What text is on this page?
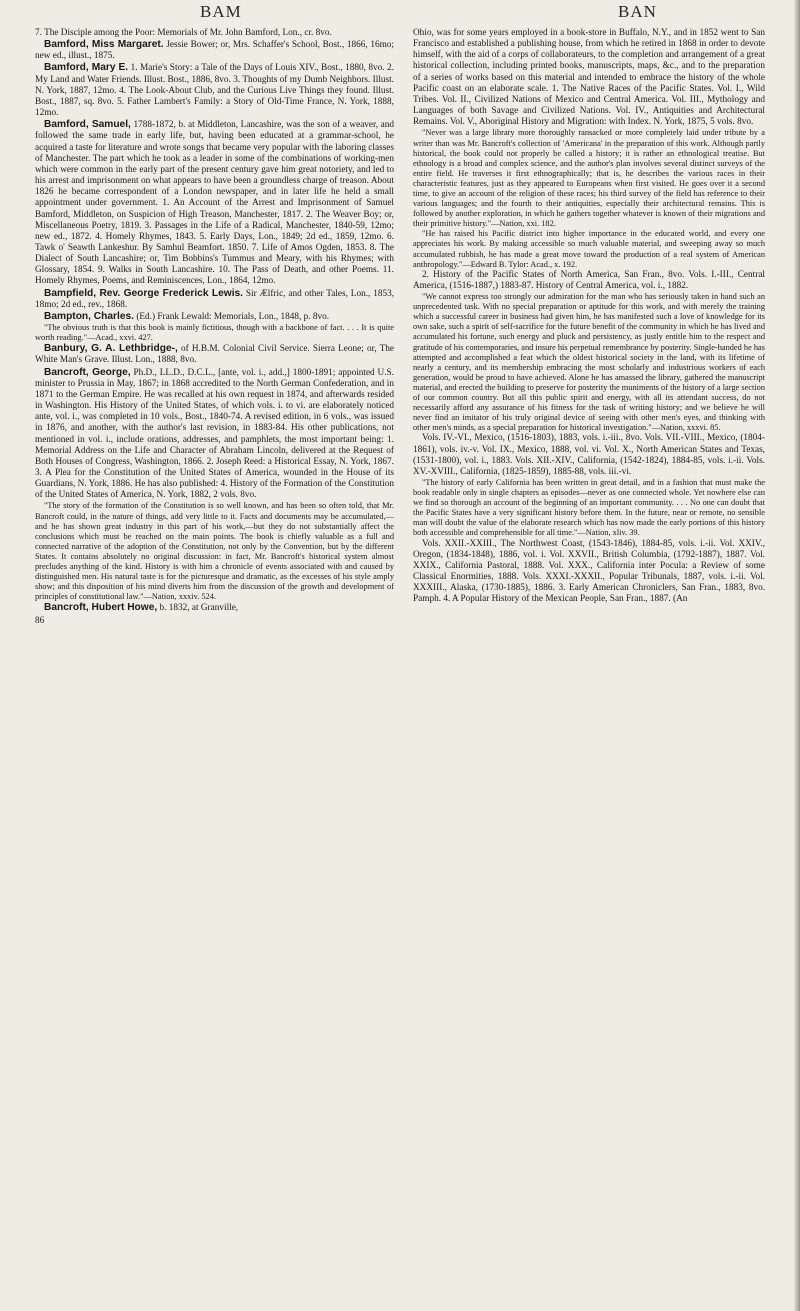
BAM	BAN

7. The Disciple among the Poor: Memorials of Mr. John Bamford, Lon., cr. 8vo.

Bamford, Miss Margaret. Jessie Bower; or, Mrs. Schaffer's School, Bost., 1866, 16mo; new ed., illust., 1875.

Bamford, Mary E. 1. Marie's Story: a Tale of the Days of Louis XIV., Bost., 1880, 8vo. 2. My Land and Water Friends. Illust. Bost., 1886, 8vo. 3. Thoughts of my Dumb Neighbors. Illust. N. York, 1887, 12mo. 4. The Look-About Club, and the Curious Live Things they found. Illust. Bost., 1887, sq. 8vo. 5. Father Lambert's Family: a Story of Old-Time France, N. York, 1888, 12mo.

Bamford, Samuel, 1788-1872, b. at Middleton, Lancashire, was the son of a weaver, and followed the same trade in early life, but, having been educated at a grammar-school, he acquired a taste for literature and wrote songs that became very popular with the laboring classes of Manchester. The part which he took as a leader in some of the combinations of working-men which were common in the early part of the present century gave him great notoriety, and led to his arrest and imprisonment on what appears to have been a groundless charge of treason. About 1826 he became correspondent of a London newspaper, and in later life he held a small appointment under government. 1. An Account of the Arrest and Imprisonment of Samuel Bamford, Middleton, on Suspicion of High Treason, Manchester, 1817. 2. The Weaver Boy; or, Miscellaneous Poetry, 1819. 3. Passages in the Life of a Radical, Manchester, 1840-59, 12mo; new ed., 1872. 4. Homely Rhymes, 1843. 5. Early Days, Lon., 1849; 2d ed., 1859, 12mo. 6. Tawk o' Seawth Lankeshur. By Samhul Beamfort. 1850. 7. Life of Amos Ogden, 1853. 8. The Dialect of South Lancashire; or, Tim Bobbins's Tummus and Meary, with his Rhymes; with Glossary, 1854. 9. Walks in South Lancashire. 10. The Pass of Death, and other Poems. 11. Homely Rhymes, Poems, and Reminiscences, Lon., 1864, 12mo.

Bampfield, Rev. George Frederick Lewis. Sir Ælfric, and other Tales, Lon., 1853, 18mo; 2d ed., rev., 1868.

Bampton, Charles. (Ed.) Frank Lewald: Memorials, Lon., 1848, p. 8vo.

"The obvious truth is that this book is mainly fictitious, though with a backbone of fact. . . . It is quite worth reading."—Acad., xxvi. 427.

Banbury, G. A. Lethbridge-, of H.B.M. Colonial Civil Service. Sierra Leone; or, The White Man's Grave. Illust. Lon., 1888, 8vo.

Bancroft, George, Ph.D., LL.D., D.C.L., [ante, vol. i., add.,] 1800-1891; appointed U.S. minister to Prussia in May, 1867; in 1868 accredited to the North German Confederation, and in 1871 to the German Empire. He was recalled at his own request in 1874, and afterwards resided in Washington. His History of the United States, of which vols. i. to vi. are elaborately noticed ante, vol. i., was completed in 10 vols., Bost., 1840-74. A revised edition, in 6 vols., was issued in 1876, and another, with the author's last revision, in 1883-84. His other publications, not mentioned in vol. i., include orations, addresses, and pamphlets, the most important being: 1. Memorial Address on the Life and Character of Abraham Lincoln, delivered at the Request of Both Houses of Congress, Washington, 1866. 2. Joseph Reed: a Historical Essay, N. York, 1867. 3. A Plea for the Constitution of the United States of America, wounded in the House of its Guardians, N. York, 1886. He has also published: 4. History of the Formation of the Constitution of the United States of America, N. York, 1882, 2 vols. 8vo.

"The story of the formation of the Constitution is so well known, and has been so often told, that Mr. Bancroft could, in the nature of things, add very little to it. Facts and documents may be accumulated,—and he has shown great industry in this part of his work,—but they do not substantially affect the conclusions which must be reached on the main points. The book is chiefly valuable as a full and connected narrative of the adoption of the Constitution, not only by the Convention, but by the different States. It contains absolutely no original discussion: in fact, Mr. Bancroft's historical system almost precludes anything of the kind. History is with him a chronicle of events associated with and caused by distinguished men. His natural taste is for the picturesque and dramatic, as the excesses of his style amply show; and this disposition of his mind diverts him from the discussion of the growth and development of principles of constitutional law."—Nation, xxxiv. 524.

Bancroft, Hubert Howe, b. 1832, at Granville,

86

Ohio, was for some years employed in a book-store in Buffalo, N.Y., and in 1852 went to San Francisco and established a publishing house, from which he retired in 1868 in order to devote himself, with the aid of a corps of collaborateurs, to the completion and arrangement of a great historical collection, including printed books, manuscripts, maps, &c., and to the preparation of a series of works based on this material and intended to embrace the history of the whole Pacific coast on an elaborate scale. 1. The Native Races of the Pacific States. Vol. I., Wild Tribes. Vol. II., Civilized Nations of Mexico and Central America. Vol. III., Mythology and Languages of both Savage and Civilized Nations. Vol. IV., Antiquities and Architectural Remains. Vol. V., Aboriginal History and Migration: with Index. N. York, 1875, 5 vols. 8vo.

"Never was a large library more thoroughly ransacked or more completely laid under tribute by a writer than was Mr. Bancroft's collection of 'Americana' in the preparation of this work. Although partly historical, the book could not properly be called a history; it is rather an ethnological treatise. But ethnology is a broad and complex science, and the author's plan involves several distinct surveys of the entire field. He traverses it first ethnographically; that is, he describes the various races in their characteristic features, just as they appeared to Europeans when first visited. He goes over it a second time, to give an account of the religion of these races; his third survey of the field has reference to their various languages; and the fourth to their antiquities, especially their architectural remains. This is followed by another exploration, in which he gathers together whatever is known of their migrations and their primitive history."—Nation, xxi. 182.

"He has raised his Pacific district into higher importance in the educated world, and every one appreciates his work. By making accessible so much valuable material, and sweeping away so much accumulated rubbish, he has made a great move toward the production of a real system of American anthropology."—Edward B. Tylor: Acad., x. 192.

2. History of the Pacific States of North America, San Fran., 8vo. Vols. I.-III., Central America, (1516-1887,) 1883-87. History of Central America, vol. i., 1882.

"We cannot express too strongly our admiration for the man who has seriously taken in hand such an unprecedented task. With no special preparation or aptitude for this work, and with merely the training which a successful career in business had given him, he has manifested such a love of knowledge for its own sake, such a spirit of self-sacrifice for the future benefit of the community in which he has lived and accumulated his fortune, such energy and pluck and persistency, as justly entitle him to the respect and gratitude of his contemporaries, and insure his perpetual remembrance by posterity. Single-handed he has attempted and accomplished a feat which the oldest historical society in the land, with its lifetime of nearly a century, and its membership embracing the most scholarly and industrious workers of each generation, would be proud to have achieved. Alone he has amassed the library, gathered the manuscript material, and erected the building to preserve for posterity the muniments of the history of a large section of our common country. But all this public spirit and energy, with all its attendant success, do not necessarily afford any assurance of his fitness for the task of writing history; and we believe he will never find an imitator of his truly original device of seeing with other men's eyes, and thinking with other men's minds, as a special preparation for historical investigation."—Nation, xxxvi. 85.

Vols. IV.-VI., Mexico, (1516-1803), 1883, vols. i.-iii., 8vo. Vols. VII.-VIII., Mexico, (1804-1861), vols. iv.-v. Vol. IX., Mexico, 1888, vol. vi. Vol. X., North American States and Texas, (1531-1800), vol. i., 1883. Vols. XII.-XIV., California, (1542-1824), 1884-85, vols. i.-ii. Vols. XV.-XVIII., California, (1825-1859), 1885-88, vols. iii.-vi.

"The history of early California has been written in great detail, and in a fashion that must make the book readable only in single chapters as episodes—never as one connected whole. Yet nowhere else can we find so thorough an account of the beginning of an important community. . . . No one can doubt that the Pacific States have a very significant history before them. In the future, near or remote, no sensible man will doubt the value of the elaborate research which has now made the early portions of this history both accessible and comprehensible for all time."—Nation, xliv. 39.

Vols. XXII.-XXIII., The Northwest Coast, (1543-1846), 1884-85, vols. i.-ii. Vol. XXIV., Oregon, (1834-1848), 1886, vol. i. Vol. XXVII., British Columbia, (1792-1887), 1887. Vol. XXIX., California Pastoral, 1888. Vol. XXX., California inter Pocula: a Review of some Classical Enormities, 1888. Vols. XXXI.-XXXII., Popular Tribunals, 1887, vols. i.-ii. Vol. XXXIII., Alaska, (1730-1885), 1886. 3. Early American Chroniclers, San Fran., 1883, 8vo. Pamph. 4. A Popular History of the Mexican People, San Fran., 1887. (An
